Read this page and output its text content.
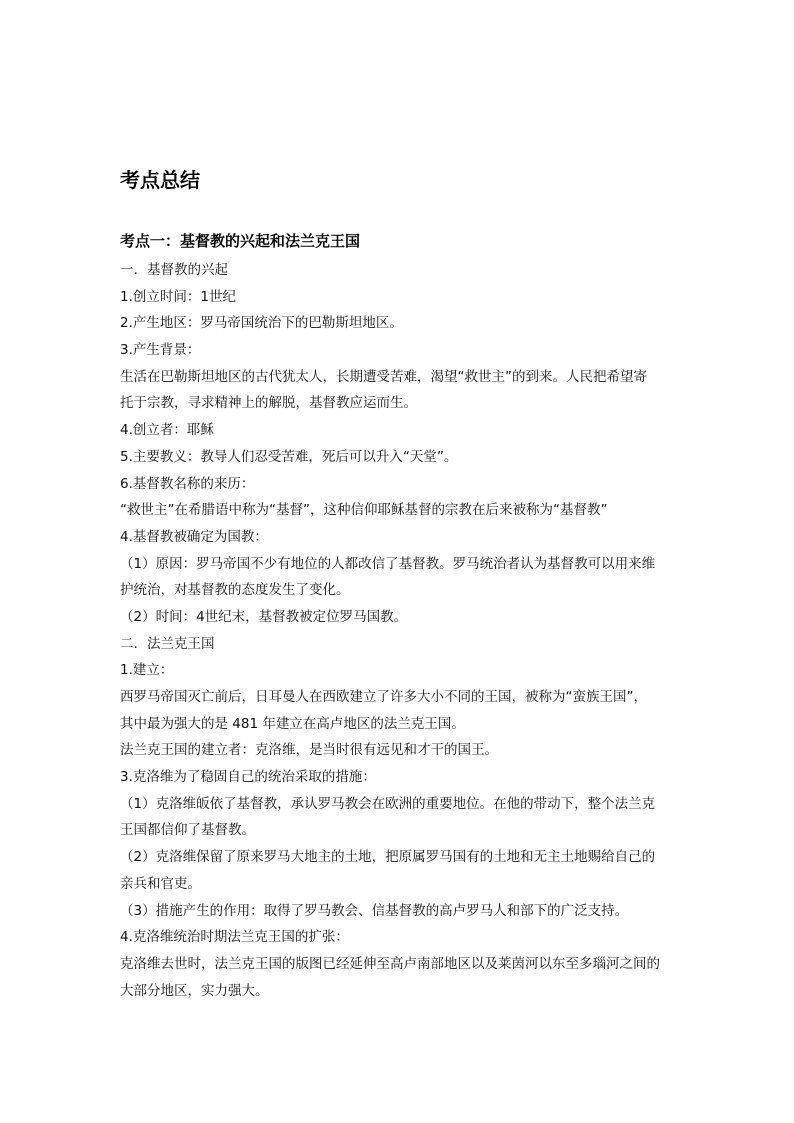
考点总结
考点一：基督教的兴起和法兰克王国
一．基督教的兴起
1.创立时间：1世纪
2.产生地区：罗马帝国统治下的巴勒斯坦地区。
3.产生背景：
生活在巴勒斯坦地区的古代犹太人，长期遭受苦难，渴望“救世主”的到来。人民把希望寄
托于宗教，寻求精神上的解脱，基督教应运而生。
4.创立者：耶稣
5.主要教义：教导人们忍受苦难，死后可以升入“天堂”。
6.基督教名称的来历：
“救世主”在希腊语中称为“基督”，这种信仰耶稣基督的宗教在后来被称为“基督教”
4.基督教被确定为国教：
（1）原因：罗马帝国不少有地位的人都改信了基督教。罗马统治者认为基督教可以用来维
护统治，对基督教的态度发生了变化。
（2）时间：4世纪末，基督教被定位罗马国教。
二．法兰克王国
1.建立：
西罗马帝国灭亡前后，日耳曼人在西欧建立了许多大小不同的王国，被称为“蛮族王国”，
其中最为强大的是 481 年建立在高卢地区的法兰克王国。
法兰克王国的建立者：克洛维，是当时很有远见和才干的国王。
3.克洛维为了稳固自己的统治采取的措施：
（1）克洛维皈依了基督教，承认罗马教会在欧洲的重要地位。在他的带动下，整个法兰克
王国都信仰了基督教。
（2）克洛维保留了原来罗马大地主的土地，把原属罗马国有的土地和无主土地赐给自己的
亲兵和官吏。
（3）措施产生的作用：取得了罗马教会、信基督教的高卢罗马人和部下的广泛支持。
4.克洛维统治时期法兰克王国的扩张：
克洛维去世时，法兰克王国的版图已经延伸至高卢南部地区以及莱茵河以东至多瑙河之间的
大部分地区，实力强大。
